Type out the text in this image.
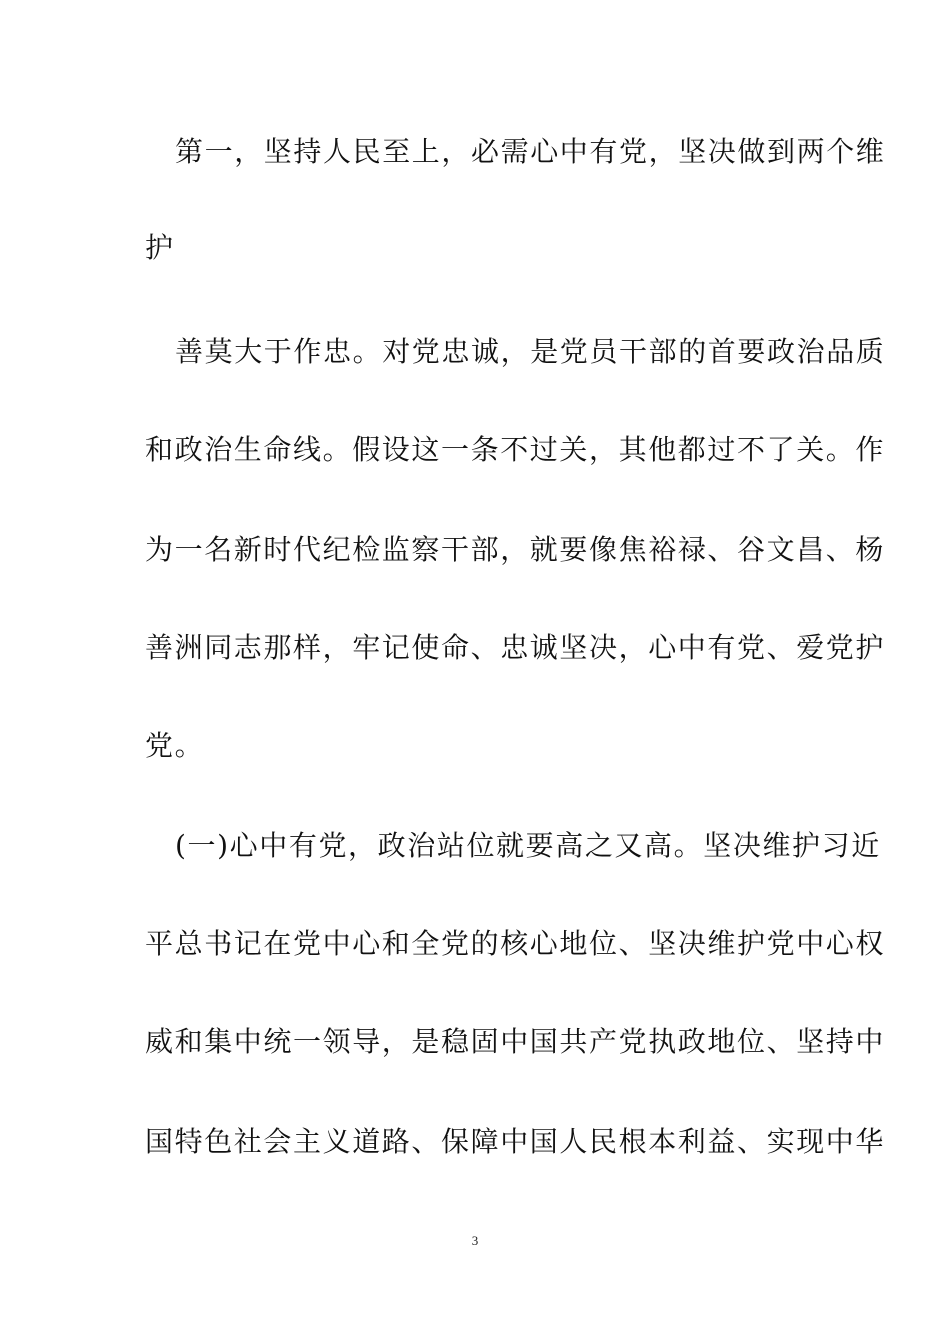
第一，坚持人民至上，必需心中有党，坚决做到两个维
护
善莫大于作忠。对党忠诚，是党员干部的首要政治品质
和政治生命线。假设这一条不过关，其他都过不了关。作
为一名新时代纪检监察干部，就要像焦裕禄、谷文昌、杨
善洲同志那样，牢记使命、忠诚坚决，心中有党、爱党护
党。
(一)心中有党，政治站位就要高之又高。坚决维护习近
平总书记在党中心和全党的核心地位、坚决维护党中心权
威和集中统一领导，是稳固中国共产党执政地位、坚持中
国特色社会主义道路、保障中国人民根本利益、实现中华
3
